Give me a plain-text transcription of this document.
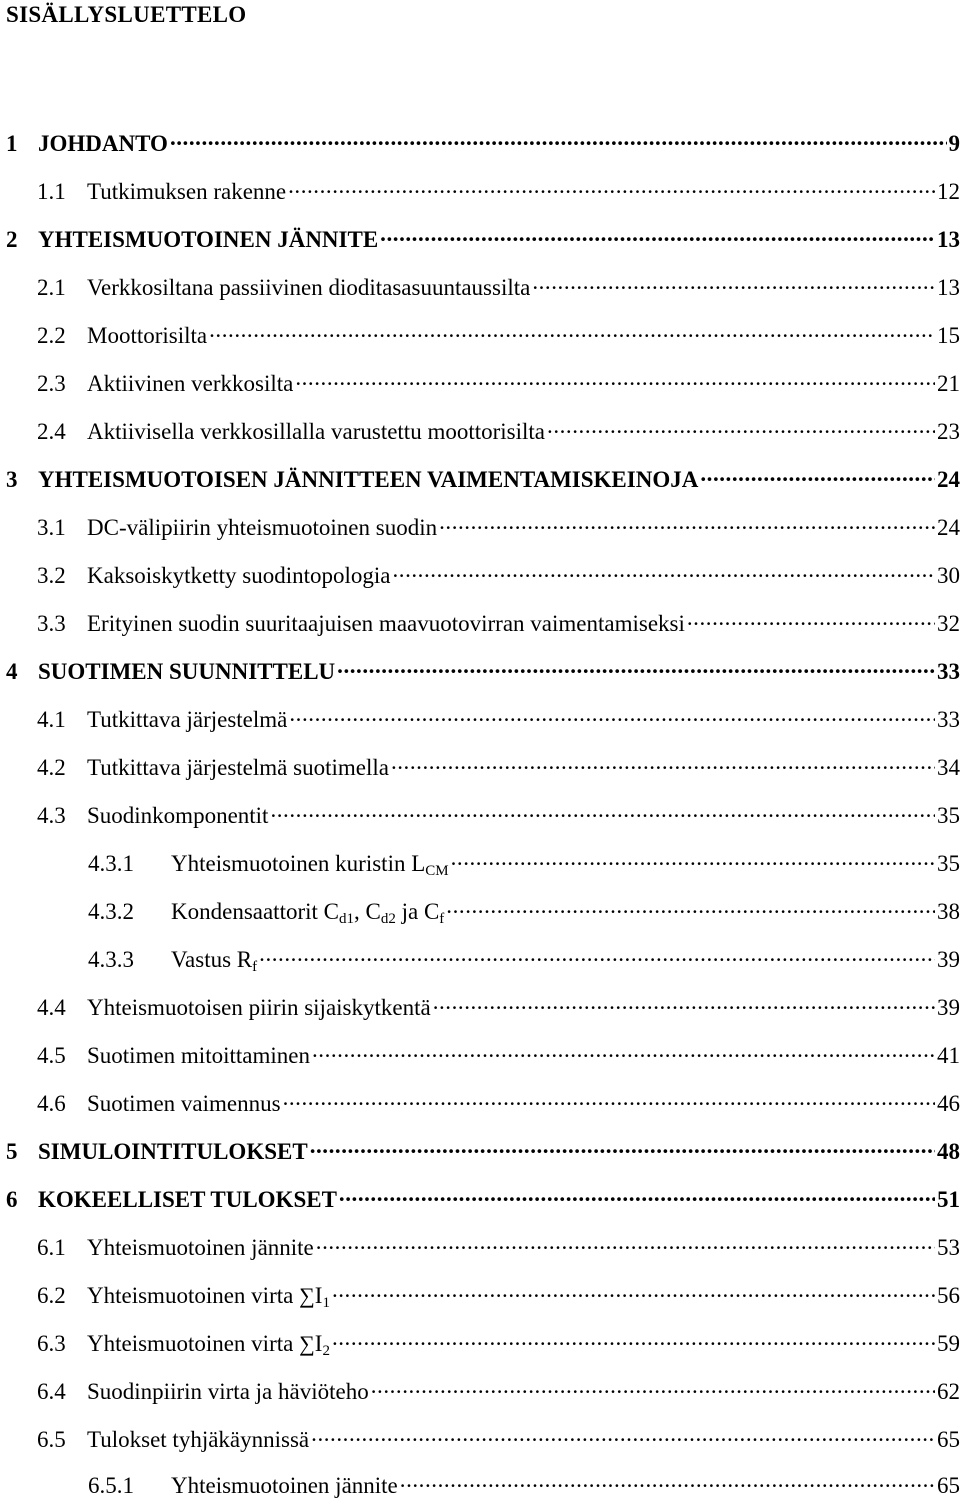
SISÄLLYSLUETTELO
1 JOHDANTO . . .	9
1.1 Tutkimuksen rakenne . . .	12
2 YHTEISMUOTOINEN JÄNNITE . . .	13
2.1 Verkkosiltana passiivinen dioditasasuuntaussilta . . .	13
2.2 Moottorisilta . . .	15
2.3 Aktiivinen verkkosilta . . .	21
2.4 Aktiivisella verkkosillalla varustettu moottorisilta . . .	23
3 YHTEISMUOTOISEN JÄNNITTEEN VAIMENTAMISKEINOJA . . .	24
3.1 DC-välipiirin yhteismuotoinen suodin . . .	24
3.2 Kaksoiskytketty suodintopologia . . .	30
3.3 Erityinen suodin suuritaajuisen maavuotovirran vaimentamiseksi . . .	32
4 SUOTIMEN SUUNNITTELU . . .	33
4.1 Tutkittava järjestelmä . . .	33
4.2 Tutkittava järjestelmä suotimella . . .	34
4.3 Suodinkomponentit . . .	35
4.3.1	Yhteismuotoinen kuristin $L_{CM}$ . . .	35
4.3.2	Kondensaattorit $C_{d1}$, $C_{d2}$ ja $C_f$ . . .	38
4.3.3	Vastus $R_f$ . . .	39
4.4 Yhteismuotoisen piirin sijaiskytkentä . . .	39
4.5 Suotimen mitoittaminen . . .	41
4.6 Suotimen vaimennus . . .	46
5 SIMULOINTITULOKSET . . .	48
6 KOKEELLISET TULOKSET . . .	51
6.1 Yhteismuotoinen jännite . . .	53
6.2 Yhteismuotoinen virta $\sum I_1$ . . .	56
6.3 Yhteismuotoinen virta $\sum I_2$ . . .	59
6.4 Suodinpiirin virta ja häviöteho . . .	62
6.5 Tulokset tyhjäkäynnissä . . .	65
6.5.1	Yhteismuotoinen jännite . . .	65
